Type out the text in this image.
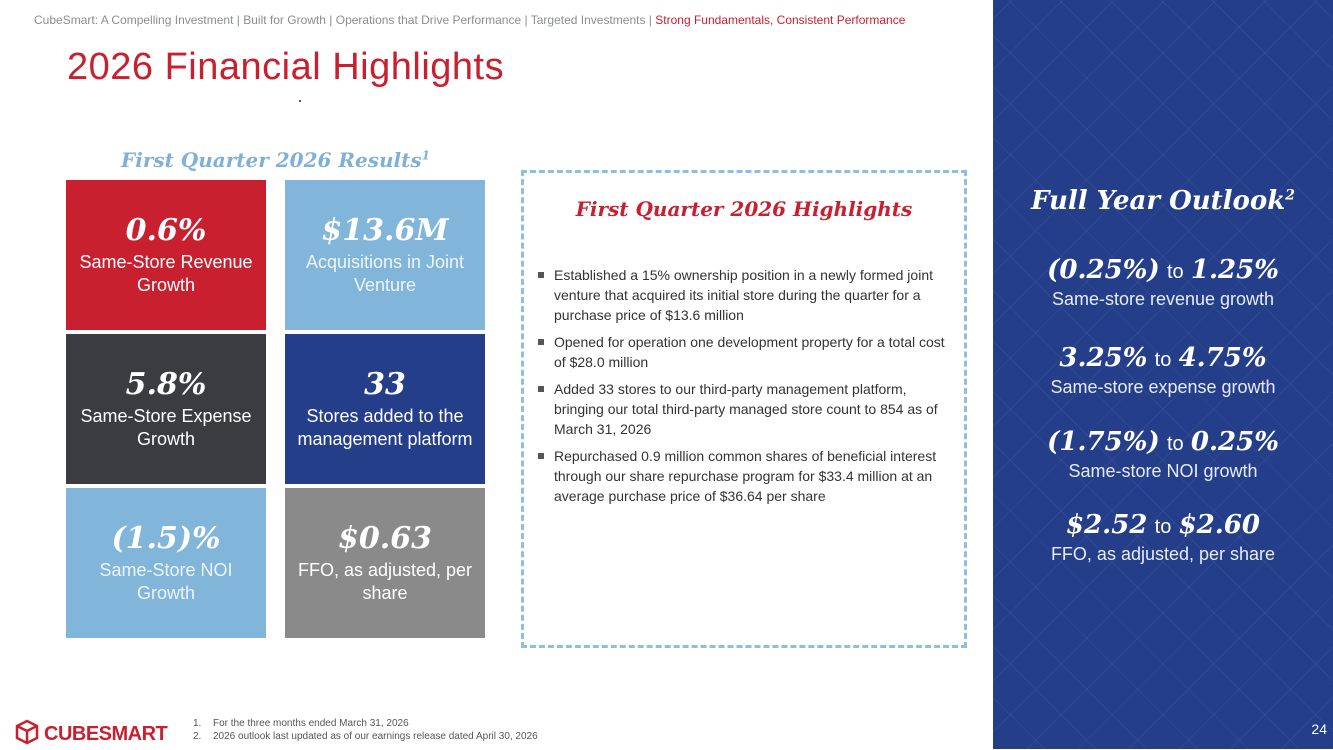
CubeSmart: A Compelling Investment | Built for Growth | Operations that Drive Performance | Targeted Investments | Strong Fundamentals, Consistent Performance
2026 Financial Highlights
First Quarter 2026 Results$^1$
0.6%
Same-Store Revenue Growth
$13.6M
Acquisitions in Joint Venture
5.8%
Same-Store Expense Growth
33
Stores added to the management platform
(1.5)%
Same-Store NOI Growth
$0.63
FFO, as adjusted, per share
First Quarter 2026 Highlights
Established a 15% ownership position in a newly formed joint venture that acquired its initial store during the quarter for a purchase price of $13.6 million
Opened for operation one development property for a total cost of $28.0 million
Added 33 stores to our third-party management platform, bringing our total third-party managed store count to 854 as of March 31, 2026
Repurchased 0.9 million common shares of beneficial interest through our share repurchase program for $33.4 million at an average purchase price of $36.64 per share
Full Year Outlook$^2$
(0.25%) to 1.25%
Same-store revenue growth
3.25% to 4.75%
Same-store expense growth
(1.75%) to 0.25%
Same-store NOI growth
$2.52 to $2.60
FFO, as adjusted, per share
24
CUBESMART	1. For the three months ended March 31, 2026
2. 2026 outlook last updated as of our earnings release dated April 30, 2026
